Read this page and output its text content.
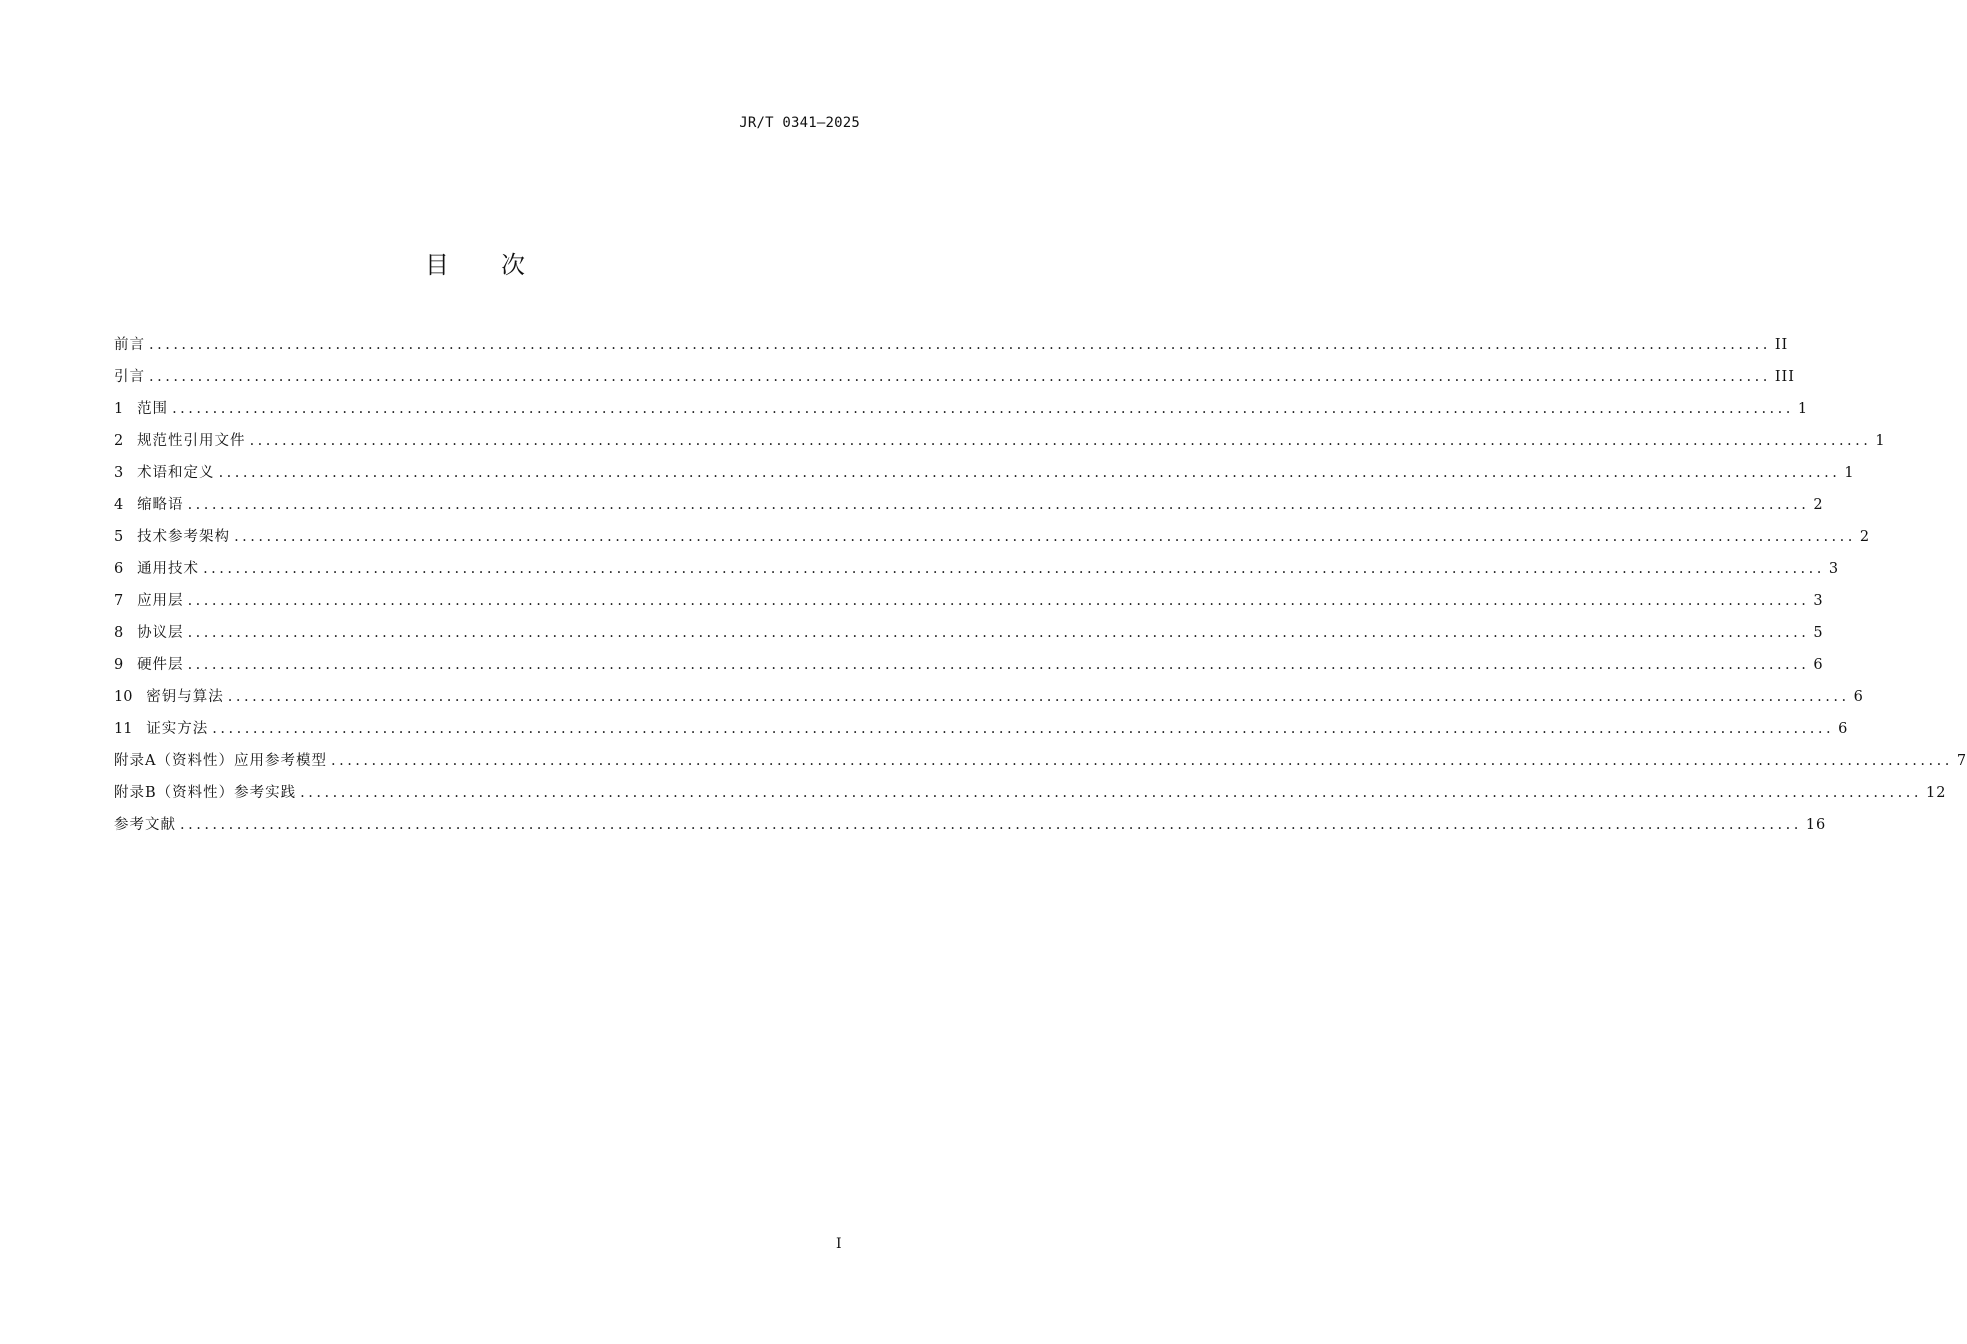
JR/T 0341—2025
目次
前言 ........................................................................................................................................................................................................ II
引言 ........................................................................................................................................................................................................ III
1 范围 ........................................................................................................................................................................................................ 1
2 规范性引用文件 ........................................................................................................................................................................................................ 1
3 术语和定义 ........................................................................................................................................................................................................ 1
4 缩略语 ........................................................................................................................................................................................................ 2
5 技术参考架构 ........................................................................................................................................................................................................ 2
6 通用技术 ........................................................................................................................................................................................................ 3
7 应用层 ........................................................................................................................................................................................................ 3
8 协议层 ........................................................................................................................................................................................................ 5
9 硬件层 ........................................................................................................................................................................................................ 6
10 密钥与算法 ........................................................................................................................................................................................................ 6
11 证实方法 ........................................................................................................................................................................................................ 6
附录A（资料性）应用参考模型 ........................................................................................................................................................................................................ 7
附录B（资料性）参考实践 ........................................................................................................................................................................................................ 12
参考文献 ........................................................................................................................................................................................................ 16
I
